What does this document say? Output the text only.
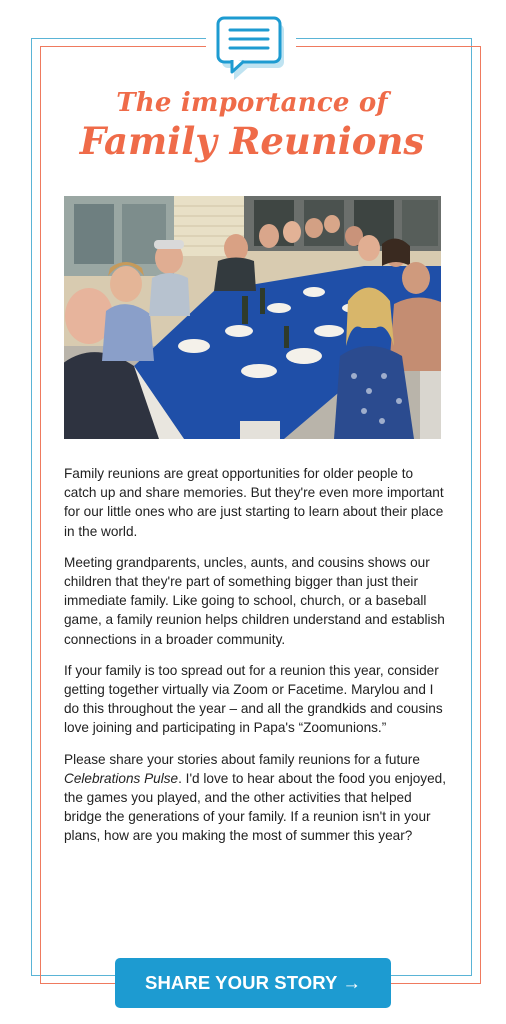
The importance of
Family Reunions

Family reunions are great opportunities for older people to catch up and share memories. But they're even more important for our little ones who are just starting to learn about their place in the world.

Meeting grandparents, uncles, aunts, and cousins shows our children that they're part of something bigger than just their immediate family. Like going to school, church, or a baseball game, a family reunion helps children understand and establish connections in a broader community.

If your family is too spread out for a reunion this year, consider getting together virtually via Zoom or Facetime. Marylou and I do this throughout the year – and all the grandkids and cousins love joining and participating in Papa's “Zoomunions.”

Please share your stories about family reunions for a future Celebrations Pulse. I'd love to hear about the food you enjoyed, the games you played, and the other activities that helped bridge the generations of your family. If a reunion isn't in your plans, how are you making the most of summer this year?

SHARE YOUR STORY →
